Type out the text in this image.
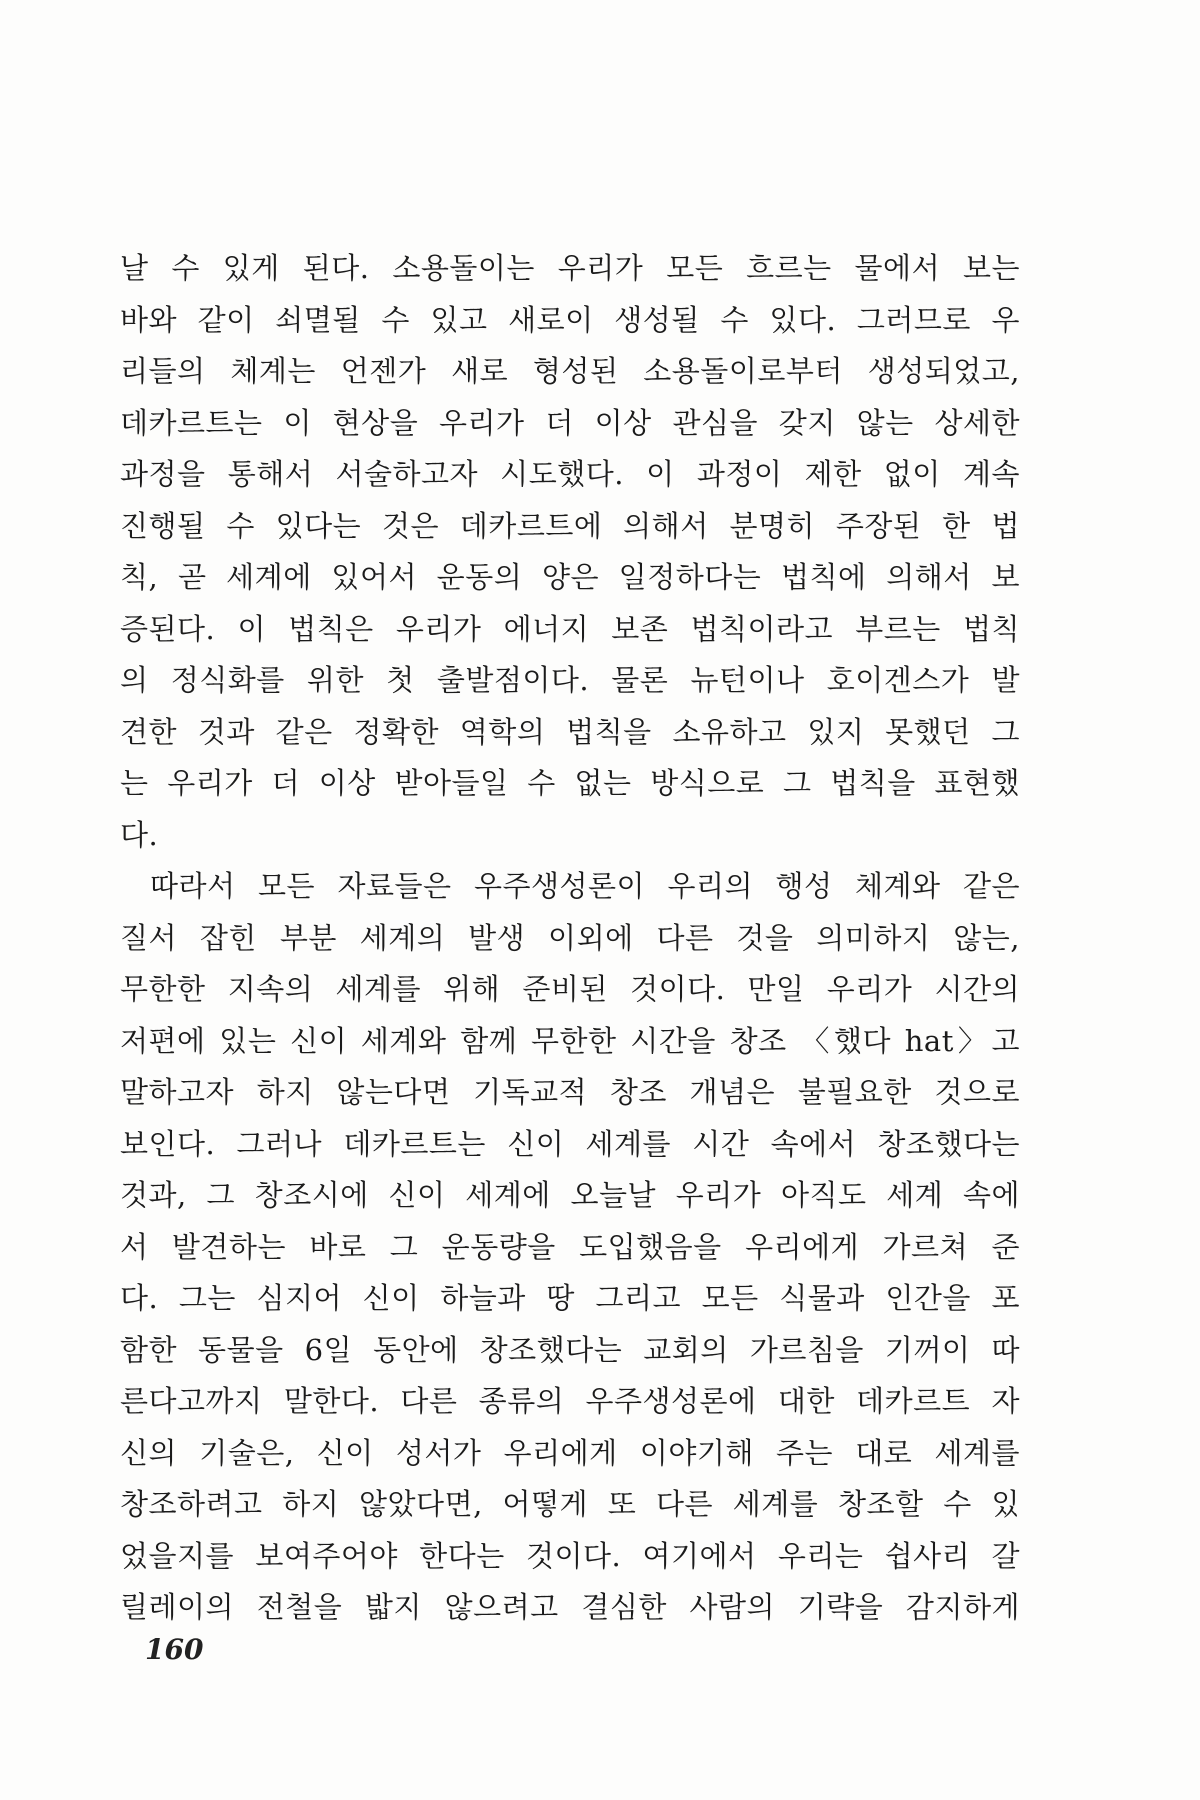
날 수 있게 된다. 소용돌이는 우리가 모든 흐르는 물에서 보는
바와 같이 쇠멸될 수 있고 새로이 생성될 수 있다. 그러므로 우
리들의 체계는 언젠가 새로 형성된 소용돌이로부터 생성되었고,
데카르트는 이 현상을 우리가 더 이상 관심을 갖지 않는 상세한
과정을 통해서 서술하고자 시도했다. 이 과정이 제한 없이 계속
진행될 수 있다는 것은 데카르트에 의해서 분명히 주장된 한 법
칙, 곧 세계에 있어서 운동의 양은 일정하다는 법칙에 의해서 보
증된다. 이 법칙은 우리가 에너지 보존 법칙이라고 부르는 법칙
의 정식화를 위한 첫 출발점이다. 물론 뉴턴이나 호이겐스가 발
견한 것과 같은 정확한 역학의 법칙을 소유하고 있지 못했던 그
는 우리가 더 이상 받아들일 수 없는 방식으로 그 법칙을 표현했
다.
따라서 모든 자료들은 우주생성론이 우리의 행성 체계와 같은
질서 잡힌 부분 세계의 발생 이외에 다른 것을 의미하지 않는,
무한한 지속의 세계를 위해 준비된 것이다. 만일 우리가 시간의
저편에 있는 신이 세계와 함께 무한한 시간을 창조 〈했다 hat〉고
말하고자 하지 않는다면 기독교적 창조 개념은 불필요한 것으로
보인다. 그러나 데카르트는 신이 세계를 시간 속에서 창조했다는
것과, 그 창조시에 신이 세계에 오늘날 우리가 아직도 세계 속에
서 발견하는 바로 그 운동량을 도입했음을 우리에게 가르쳐 준
다. 그는 심지어 신이 하늘과 땅 그리고 모든 식물과 인간을 포
함한 동물을 6일 동안에 창조했다는 교회의 가르침을 기꺼이 따
른다고까지 말한다. 다른 종류의 우주생성론에 대한 데카르트 자
신의 기술은, 신이 성서가 우리에게 이야기해 주는 대로 세계를
창조하려고 하지 않았다면, 어떻게 또 다른 세계를 창조할 수 있
었을지를 보여주어야 한다는 것이다. 여기에서 우리는 쉽사리 갈
릴레이의 전철을 밟지 않으려고 결심한 사람의 기략을 감지하게
160
